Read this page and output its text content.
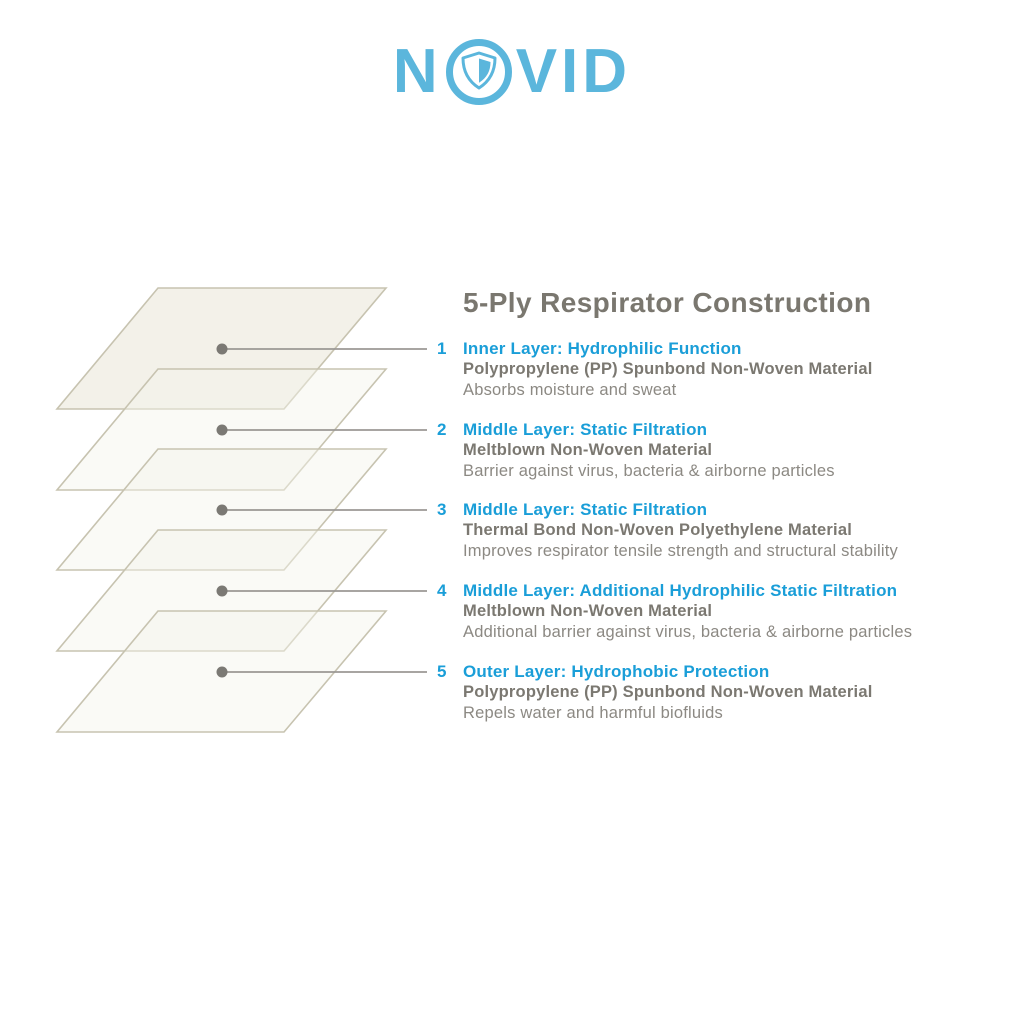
N VID
5-Ply Respirator Construction
1 Inner Layer: Hydrophilic Function
Polypropylene (PP) Spunbond Non-Woven Material
Absorbs moisture and sweat
2 Middle Layer: Static Filtration
Meltblown Non-Woven Material
Barrier against virus, bacteria & airborne particles
3 Middle Layer: Static Filtration
Thermal Bond Non-Woven Polyethylene Material
Improves respirator tensile strength and structural stability
4 Middle Layer: Additional Hydrophilic Static Filtration
Meltblown Non-Woven Material
Additional barrier against virus, bacteria & airborne particles
5 Outer Layer: Hydrophobic Protection
Polypropylene (PP) Spunbond Non-Woven Material
Repels water and harmful biofluids
